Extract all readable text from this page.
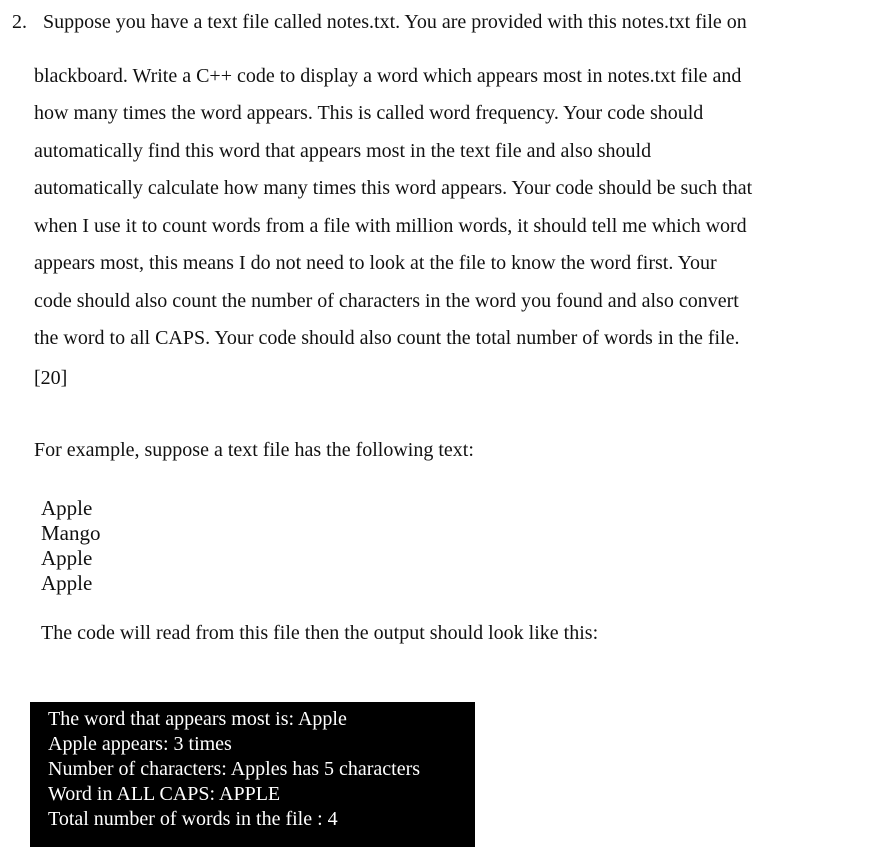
2. Suppose you have a text file called notes.txt. You are provided with this notes.txt file on
blackboard. Write a C++ code to display a word which appears most in notes.txt file and
how many times the word appears. This is called word frequency. Your code should
automatically find this word that appears most in the text file and also should
automatically calculate how many times this word appears. Your code should be such that
when I use it to count words from a file with million words, it should tell me which word
appears most, this means I do not need to look at the file to know the word first. Your
code should also count the number of characters in the word you found and also convert
the word to all CAPS. Your code should also count the total number of words in the file.
[20]
For example, suppose a text file has the following text:
Apple
Mango
Apple
Apple
The code will read from this file then the output should look like this:
The word that appears most is: Apple
Apple appears: 3 times
Number of characters: Apples has 5 characters
Word in ALL CAPS: APPLE
Total number of words in the file : 4
